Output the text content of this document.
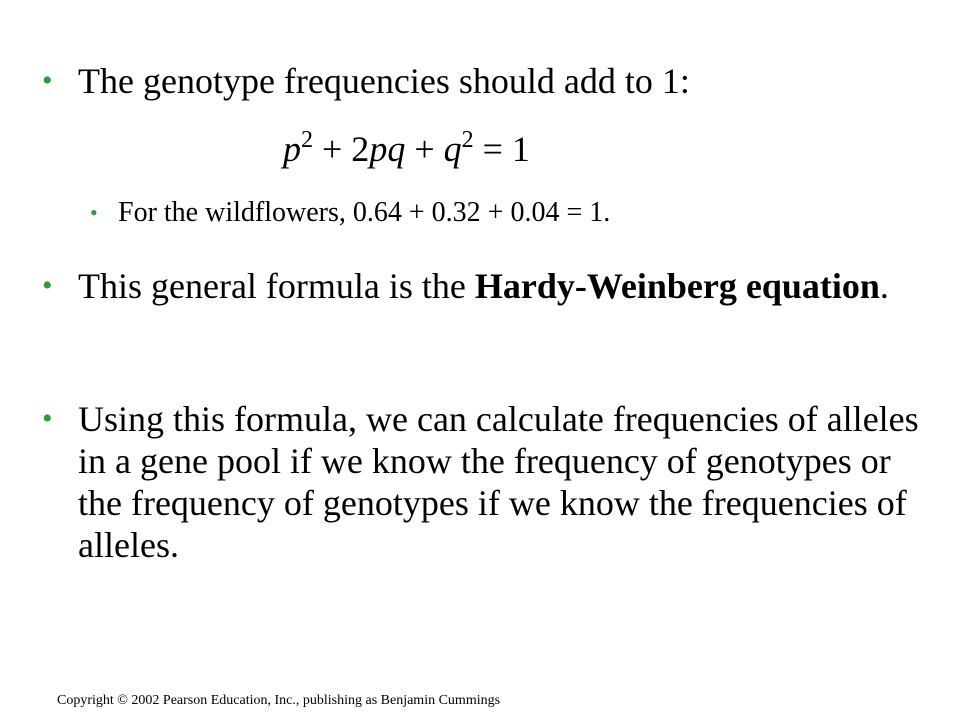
• The genotype frequencies should add to 1:
$p^2 + 2pq + q^2 = 1$
• For the wildflowers, 0.64 + 0.32 + 0.04 = 1.
• This general formula is the Hardy-Weinberg equation.
• Using this formula, we can calculate frequencies of alleles in a gene pool if we know the frequency of genotypes or the frequency of genotypes if we know the frequencies of alleles.
Copyright © 2002 Pearson Education, Inc., publishing as Benjamin Cummings
